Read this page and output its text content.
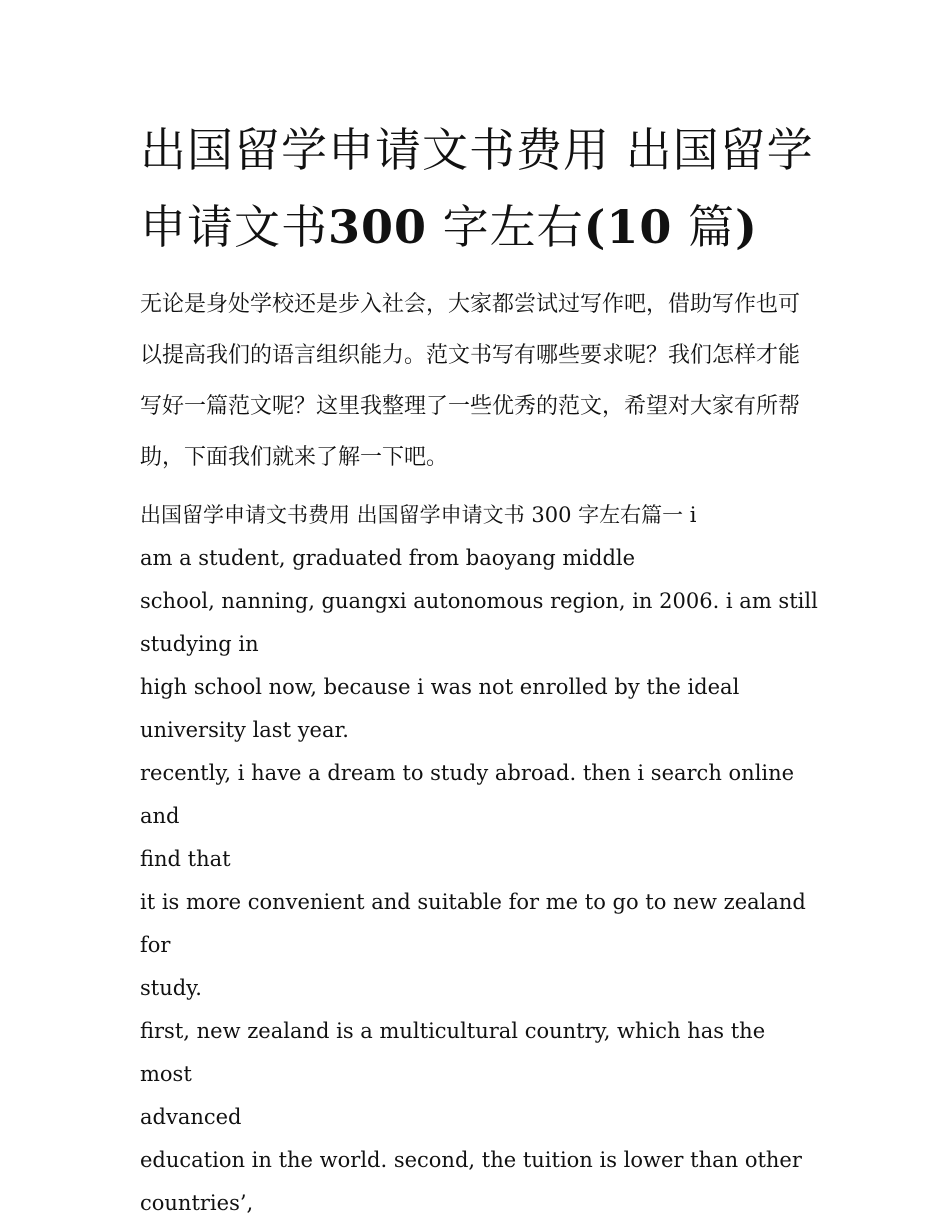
出国留学申请文书费用 出国留学申请文书300 字左右(10 篇)

无论是身处学校还是步入社会，大家都尝试过写作吧，借助写作也可以提高我们的语言组织能力。范文书写有哪些要求呢？我们怎样才能写好一篇范文呢？这里我整理了一些优秀的范文，希望对大家有所帮助，下面我们就来了解一下吧。

出国留学申请文书费用 出国留学申请文书 300 字左右篇一 i

am a student, graduated from baoyang middle

school, nanning, guangxi autonomous region, in 2006. i am still

studying in

high school now, because i was not enrolled by the ideal

university last year.

recently, i have a dream to study abroad. then i search online and

find that

it is more convenient and suitable for me to go to new zealand for

study.

first, new zealand is a multicultural country, which has the most

advanced

education in the world. second, the tuition is lower than other

countries’,
